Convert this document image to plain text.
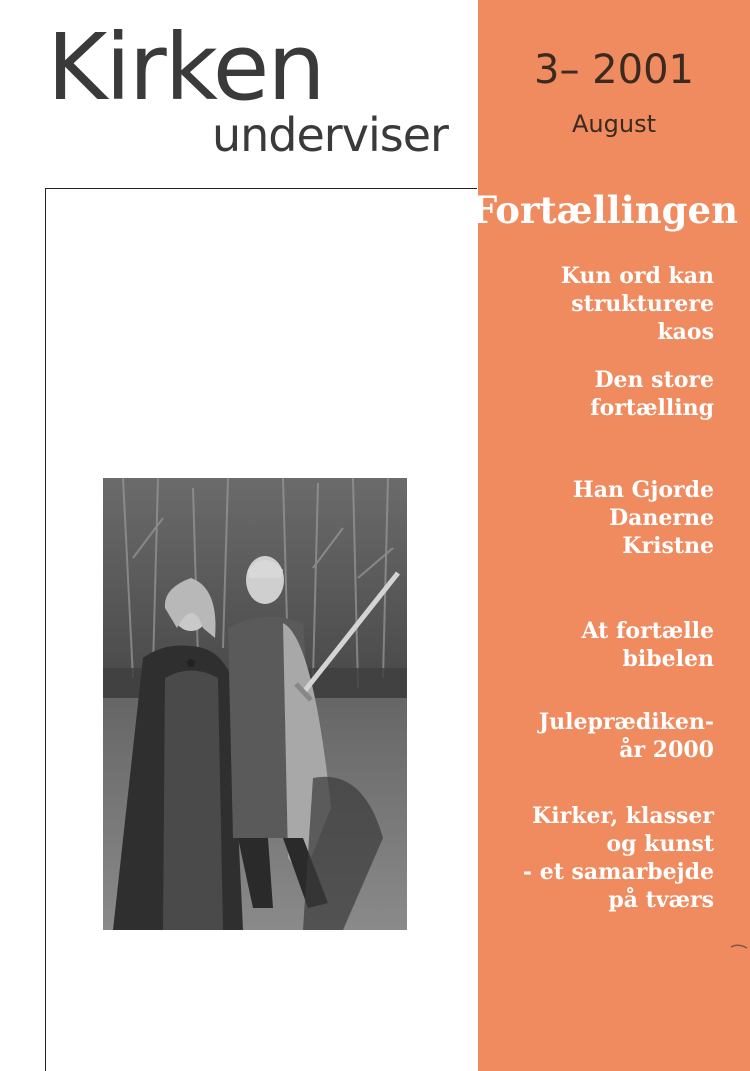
Kirken
underviser
3– 2001
August
Fortællingen
Kun ord kan
strukturere
kaos
Den store
fortælling
Han Gjorde
Danerne
Kristne
At fortælle
bibelen
Juleprædiken-
år 2000
Kirker, klasser
og kunst
- et samarbejde
på tværs
